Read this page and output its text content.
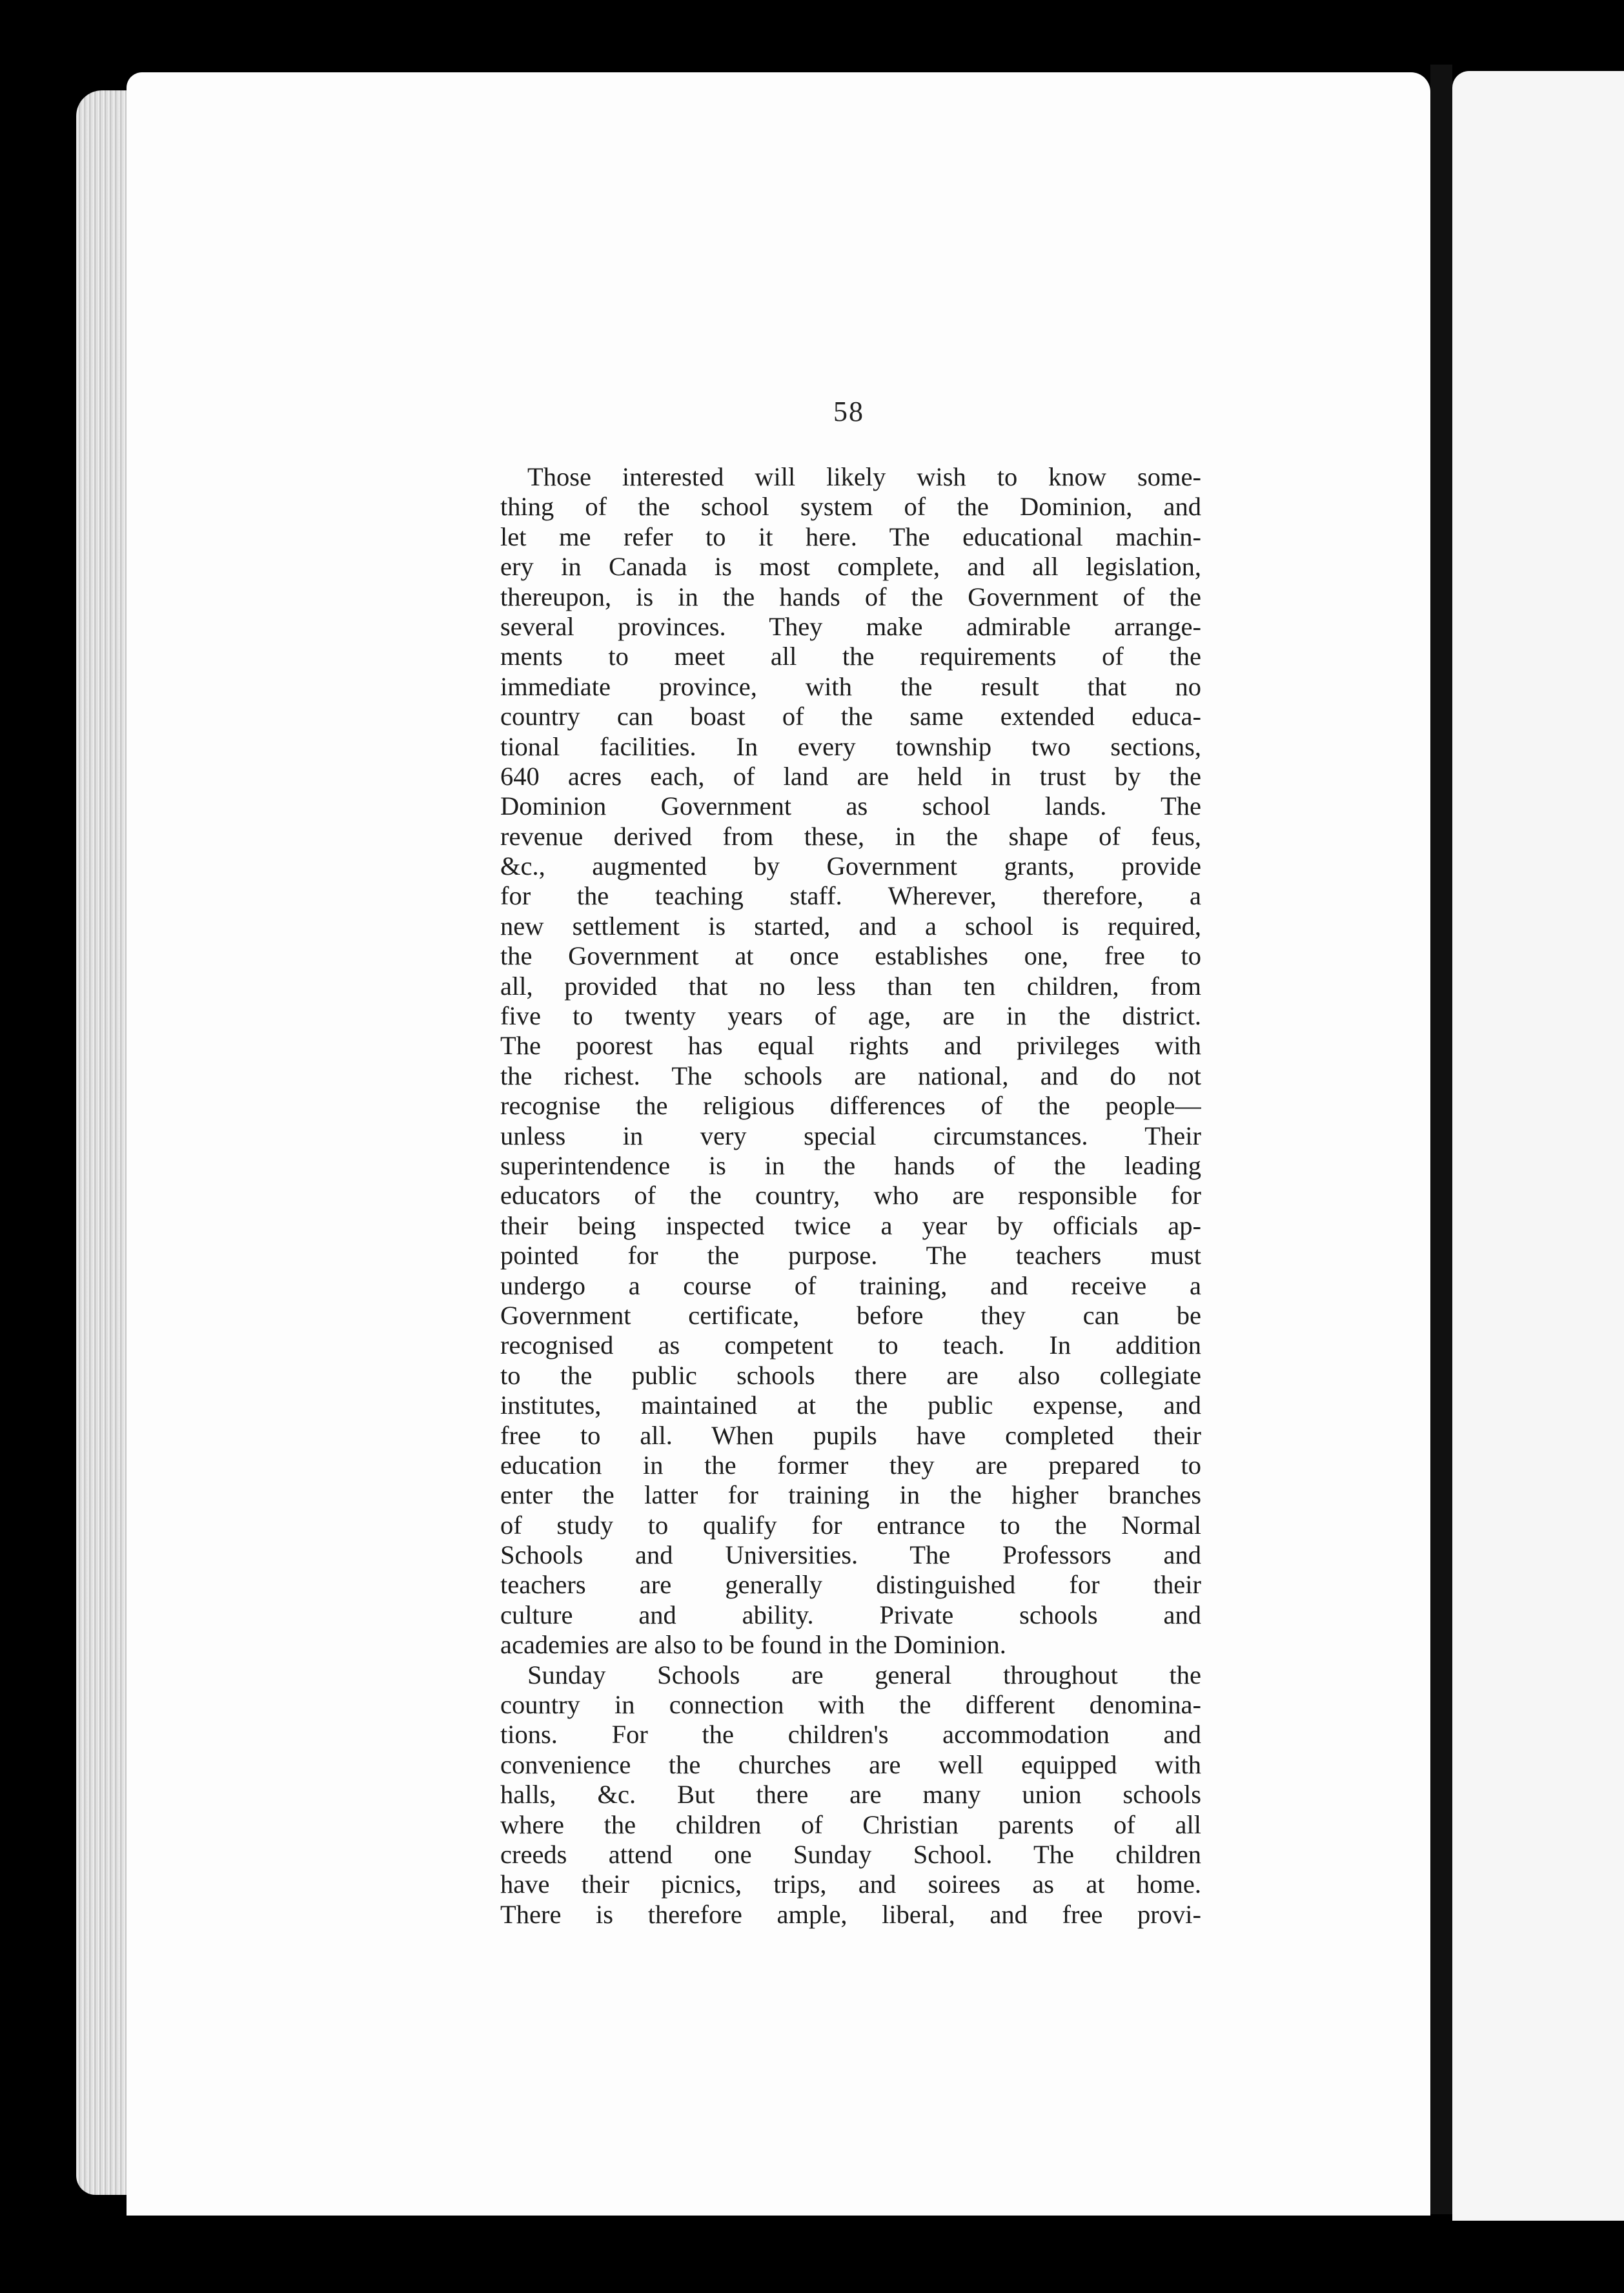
58
Those interested will likely wish to know some-
thing of the school system of the Dominion, and
let me refer to it here. The educational machin-
ery in Canada is most complete, and all legislation,
thereupon, is in the hands of the Government of the
several provinces. They make admirable arrange-
ments to meet all the requirements of the
immediate province, with the result that no
country can boast of the same extended educa-
tional facilities. In every township two sections,
640 acres each, of land are held in trust by the
Dominion Government as school lands. The
revenue derived from these, in the shape of feus,
&c., augmented by Government grants, provide
for the teaching staff. Wherever, therefore, a
new settlement is started, and a school is required,
the Government at once establishes one, free to
all, provided that no less than ten children, from
five to twenty years of age, are in the district.
The poorest has equal rights and privileges with
the richest. The schools are national, and do not
recognise the religious differences of the people—
unless in very special circumstances. Their
superintendence is in the hands of the leading
educators of the country, who are responsible for
their being inspected twice a year by officials ap-
pointed for the purpose. The teachers must
undergo a course of training, and receive a
Government certificate, before they can be
recognised as competent to teach. In addition
to the public schools there are also collegiate
institutes, maintained at the public expense, and
free to all. When pupils have completed their
education in the former they are prepared to
enter the latter for training in the higher branches
of study to qualify for entrance to the Normal
Schools and Universities. The Professors and
teachers are generally distinguished for their
culture and ability. Private schools and
academies are also to be found in the Dominion.
Sunday Schools are general throughout the
country in connection with the different denomina-
tions. For the children's accommodation and
convenience the churches are well equipped with
halls, &c. But there are many union schools
where the children of Christian parents of all
creeds attend one Sunday School. The children
have their picnics, trips, and soirees as at home.
There is therefore ample, liberal, and free provi-
